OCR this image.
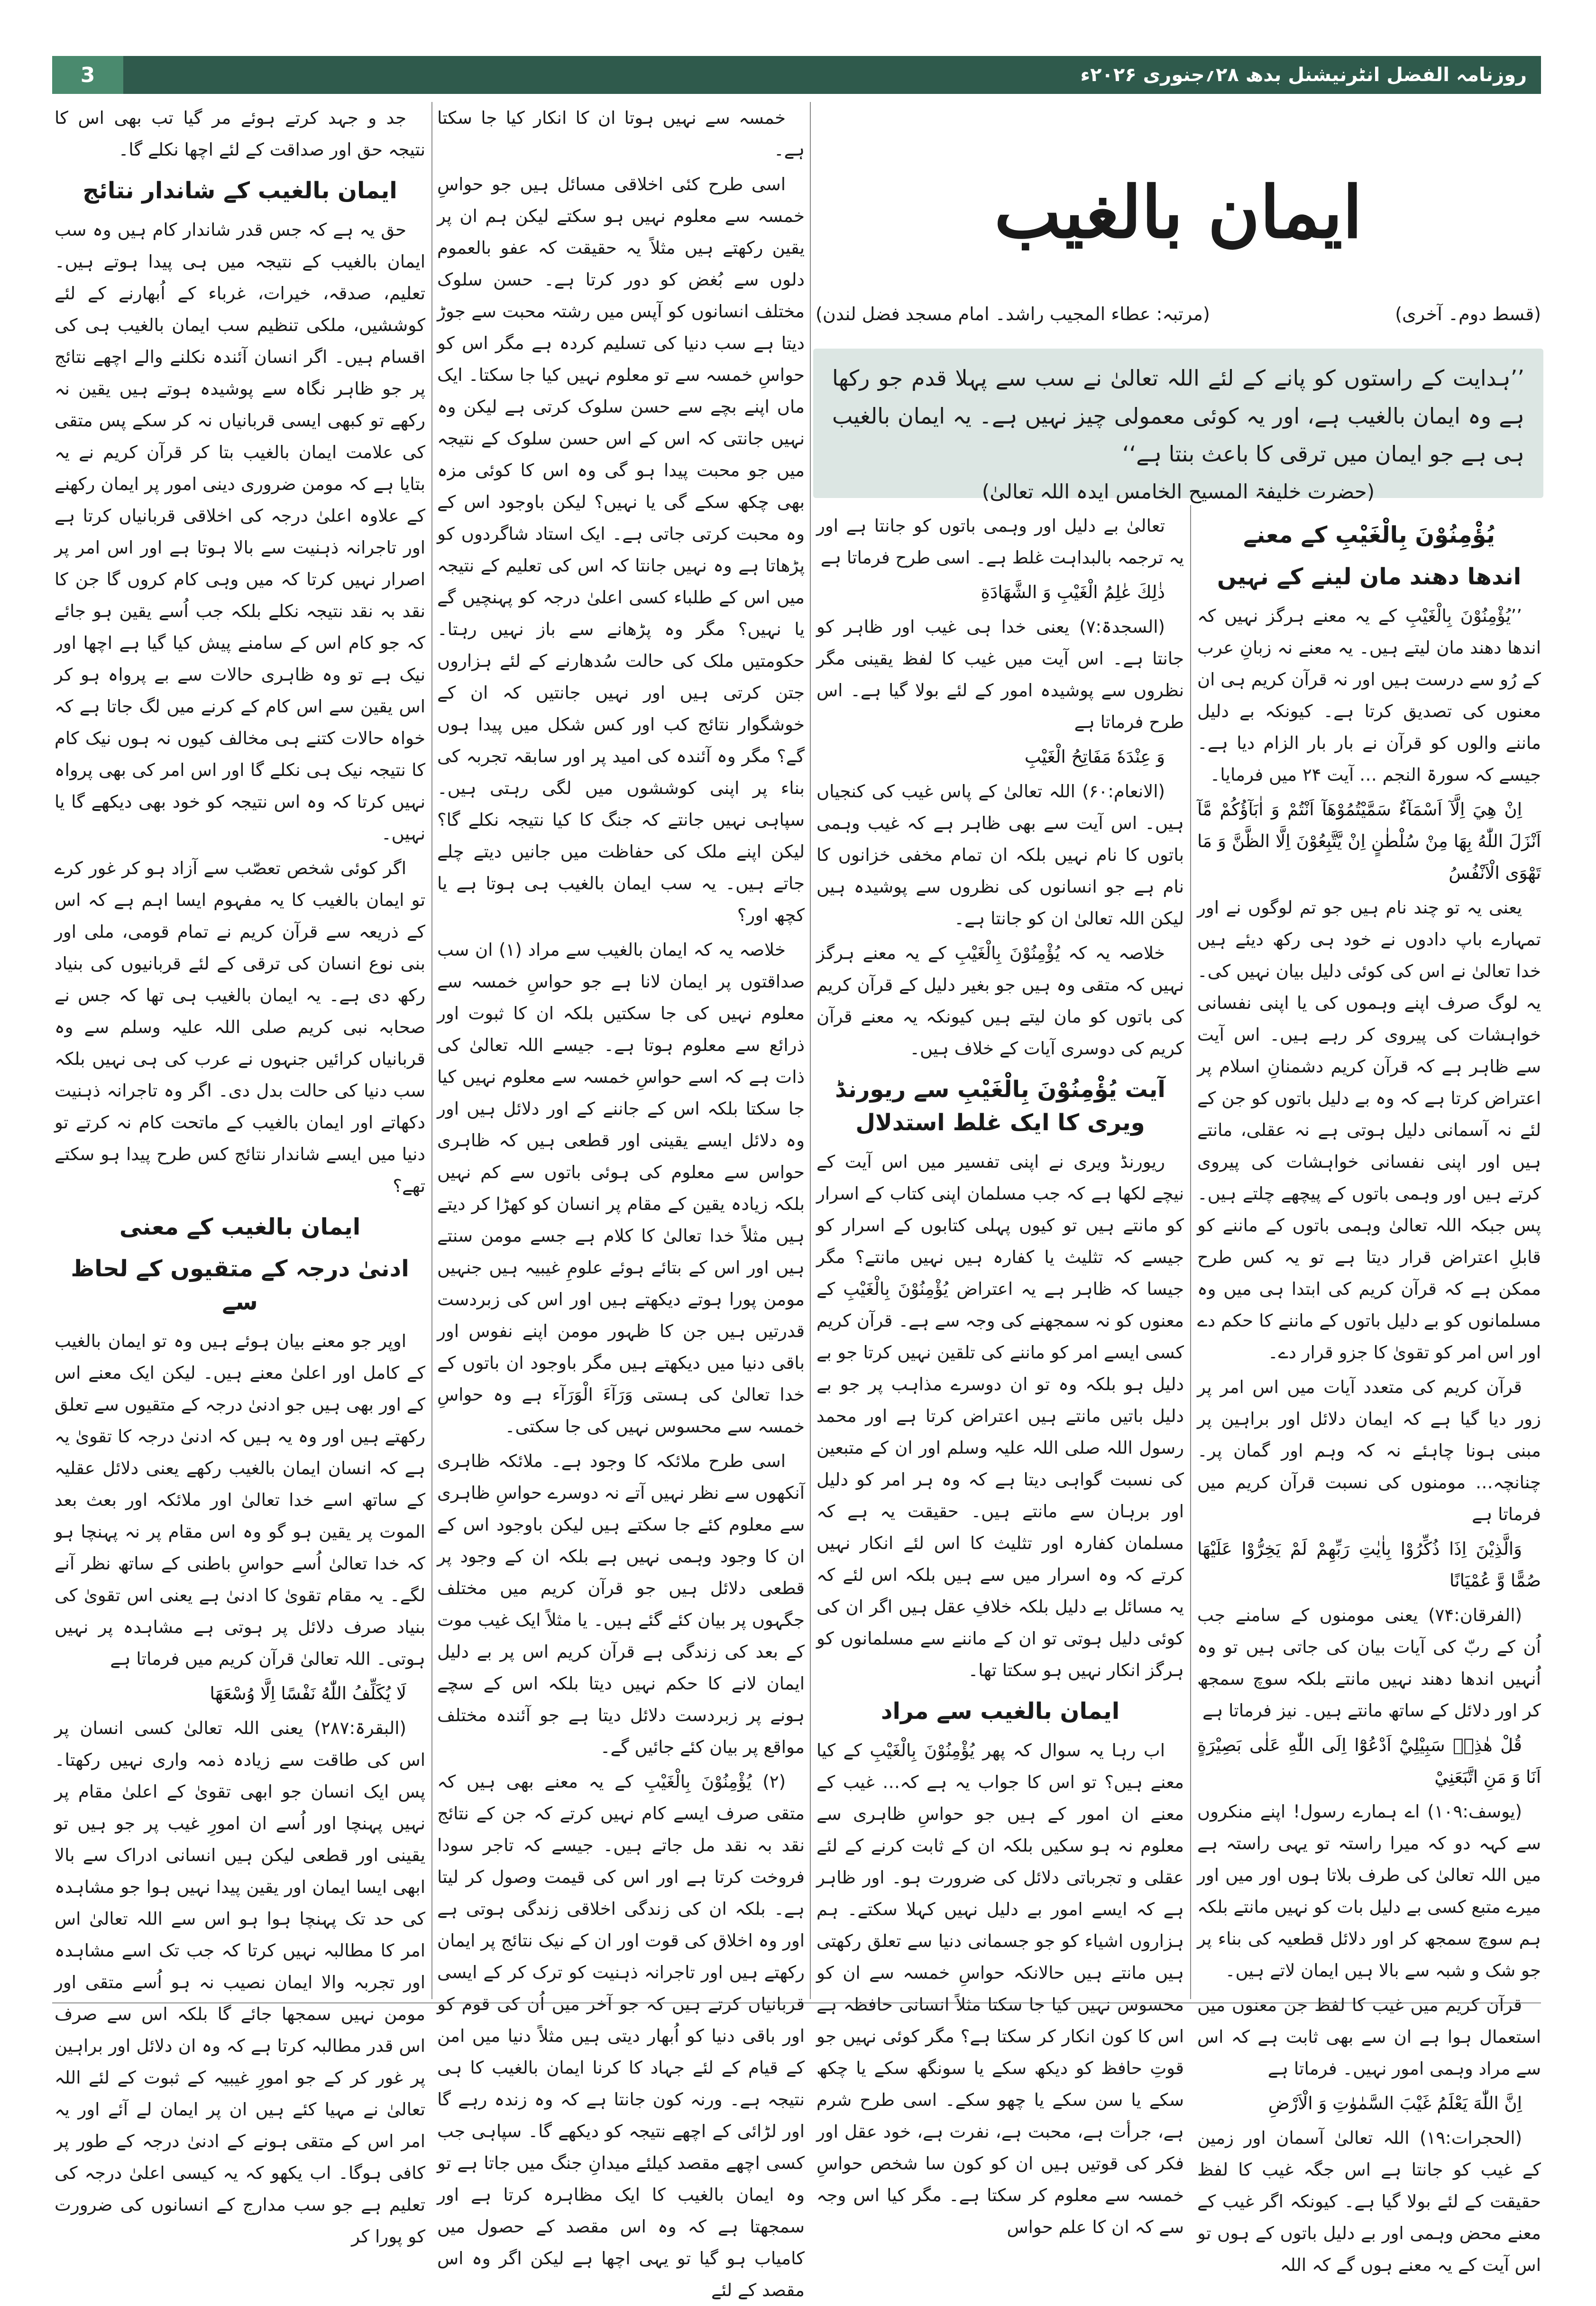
روزنامہ الفضل انٹرنیشنل بدھ ۲۸؍جنوری ۲۰۲۶ء
3
ایمان بالغیب
(قسط دوم۔ آخری)
(مرتبہ: عطاء المجیب راشد۔ امام مسجد فضل لندن)
’’ہدایت کے راستوں کو پانے کے لئے اللہ تعالیٰ نے سب سے پہلا قدم جو رکھا ہے وہ ایمان بالغیب ہے، اور یہ کوئی معمولی چیز نہیں ہے۔ یہ ایمان بالغیب ہی ہے جو ایمان میں ترقی کا باعث بنتا ہے‘‘
(حضرت خلیفۃ المسیح الخامس ایدہ اللہ تعالیٰ)
یُؤْمِنُوْنَ بِالْغَیْبِ کے معنے
اندھا دھند مان لینے کے نہیں

’’یُؤْمِنُوْنَ بِالْغَیْبِ کے یہ معنے ہرگز نہیں کہ اندھا دھند مان لیتے ہیں۔ یہ معنے نہ زبانِ عرب کے رُو سے درست ہیں اور نہ قرآن کریم ہی ان معنوں کی تصدیق کرتا ہے۔ کیونکہ بے دلیل ماننے والوں کو قرآن نے بار بار الزام دیا ہے۔ جیسے کہ سورۃ النجم … آیت ۲۴ میں فرمایا۔

اِنْ هِيَ اِلَّآ اَسْمَآءٌ سَمَّيْتُمُوْهَآ اَنْتُمْ وَ اٰبَآؤُكُمْ مَّآ اَنْزَلَ اللّٰهُ بِهَا مِنْ سُلْطٰنٍ اِنْ يَّتَّبِعُوْنَ اِلَّا الظَّنَّ وَ مَا تَهْوَى الْاَنْفُسُ

یعنی یہ تو چند نام ہیں جو تم لوگوں نے اور تمہارے باپ دادوں نے خود ہی رکھ دیئے ہیں خدا تعالیٰ نے اس کی کوئی دلیل بیان نہیں کی۔ یہ لوگ صرف اپنے وہموں کی یا اپنی نفسانی خواہشات کی پیروی کر رہے ہیں۔ اس آیت سے ظاہر ہے کہ قرآن کریم دشمنانِ اسلام پر اعتراض کرتا ہے کہ وہ بے دلیل باتوں کو جن کے لئے نہ آسمانی دلیل ہوتی ہے نہ عقلی، مانتے ہیں اور اپنی نفسانی خواہشات کی پیروی کرتے ہیں اور وہمی باتوں کے پیچھے چلتے ہیں۔ پس جبکہ اللہ تعالیٰ وہمی باتوں کے ماننے کو قابلِ اعتراض قرار دیتا ہے تو یہ کس طرح ممکن ہے کہ قرآن کریم کی ابتدا ہی میں وہ مسلمانوں کو بے دلیل باتوں کے ماننے کا حکم دے اور اس امر کو تقویٰ کا جزو قرار دے۔

قرآن کریم کی متعدد آیات میں اس امر پر زور دیا گیا ہے کہ ایمان دلائل اور براہین پر مبنی ہونا چاہئے نہ کہ وہم اور گمان پر۔ چنانچہ… مومنوں کی نسبت قرآن کریم میں فرماتا ہے

وَالَّذِيْنَ اِذَا ذُكِّرُوْا بِاٰيٰتِ رَبِّهِمْ لَمْ يَخِرُّوْا عَلَيْهَا صُمًّا وَّ عُمْيَانًا

(الفرقان:۷۴) یعنی مومنوں کے سامنے جب اُن کے ربّ کی آیات بیان کی جاتی ہیں تو وہ اُنہیں اندھا دھند نہیں مانتے بلکہ سوچ سمجھ کر اور دلائل کے ساتھ مانتے ہیں۔ نیز فرماتا ہے

قُلْ هٰذِهٖ سَبِيْلِيْٓ اَدْعُوْٓا اِلَى اللّٰهِ عَلٰى بَصِيْرَةٍ اَنَا وَ مَنِ اتَّبَعَنِيْ

(یوسف:۱۰۹) اے ہمارے رسول! اپنے منکروں سے کہہ دو کہ میرا راستہ تو یہی راستہ ہے میں اللہ تعالیٰ کی طرف بلاتا ہوں اور میں اور میرے متبع کسی بے دلیل بات کو نہیں مانتے بلکہ ہم سوچ سمجھ کر اور دلائل قطعیہ کی بناء پر جو شک و شبہ سے بالا ہیں ایمان لاتے ہیں۔

قرآن کریم میں غیب کا لفظ جن معنوں میں استعمال ہوا ہے ان سے بھی ثابت ہے کہ اس سے مراد وہمی امور نہیں۔ فرماتا ہے

اِنَّ اللّٰهَ يَعْلَمُ غَيْبَ السَّمٰوٰتِ وَ الْاَرْضِ

(الحجرات:۱۹) اللہ تعالیٰ آسمان اور زمین کے غیب کو جانتا ہے اس جگہ غیب کا لفظ حقیقت کے لئے بولا گیا ہے۔ کیونکہ اگر غیب کے معنے محض وہمی اور بے دلیل باتوں کے ہوں تو اس آیت کے یہ معنے ہوں گے کہ اللہ

تعالیٰ بے دلیل اور وہمی باتوں کو جانتا ہے اور یہ ترجمہ بالبداہت غلط ہے۔ اسی طرح فرماتا ہے

ذٰلِكَ عٰلِمُ الْغَيْبِ وَ الشَّهَادَةِ

(السجدۃ:۷) یعنی خدا ہی غیب اور ظاہر کو جانتا ہے۔ اس آیت میں غیب کا لفظ یقینی مگر نظروں سے پوشیدہ امور کے لئے بولا گیا ہے۔ اس طرح فرماتا ہے

وَ عِنْدَهٗ مَفَاتِحُ الْغَيْبِ

(الانعام:۶۰) اللہ تعالیٰ کے پاس غیب کی کنجیاں ہیں۔ اس آیت سے بھی ظاہر ہے کہ غیب وہمی باتوں کا نام نہیں بلکہ ان تمام مخفی خزانوں کا نام ہے جو انسانوں کی نظروں سے پوشیدہ ہیں لیکن اللہ تعالیٰ ان کو جانتا ہے۔

خلاصہ یہ کہ یُؤْمِنُوْنَ بِالْغَیْبِ کے یہ معنے ہرگز نہیں کہ متقی وہ ہیں جو بغیر دلیل کے قرآن کریم کی باتوں کو مان لیتے ہیں کیونکہ یہ معنے قرآن کریم کی دوسری آیات کے خلاف ہیں۔

آیت یُؤْمِنُوْنَ بِالْغَیْبِ سے ریورنڈ ویری کا ایک غلط استدلال

ریورنڈ ویری نے اپنی تفسیر میں اس آیت کے نیچے لکھا ہے کہ جب مسلمان اپنی کتاب کے اسرار کو مانتے ہیں تو کیوں پہلی کتابوں کے اسرار کو جیسے کہ تثلیث یا کفارہ ہیں نہیں مانتے؟ مگر جیسا کہ ظاہر ہے یہ اعتراض یُؤْمِنُوْنَ بِالْغَیْبِ کے معنوں کو نہ سمجھنے کی وجہ سے ہے۔ قرآن کریم کسی ایسے امر کو ماننے کی تلقین نہیں کرتا جو بے دلیل ہو بلکہ وہ تو ان دوسرے مذاہب پر جو بے دلیل باتیں مانتے ہیں اعتراض کرتا ہے اور محمد رسول اللہ صلی اللہ علیہ وسلم اور ان کے متبعین کی نسبت گواہی دیتا ہے کہ وہ ہر امر کو دلیل اور برہان سے مانتے ہیں۔ حقیقت یہ ہے کہ مسلمان کفارہ اور تثلیث کا اس لئے انکار نہیں کرتے کہ وہ اسرار میں سے ہیں بلکہ اس لئے کہ یہ مسائل بے دلیل بلکہ خلافِ عقل ہیں اگر ان کی کوئی دلیل ہوتی تو ان کے ماننے سے مسلمانوں کو ہرگز انکار نہیں ہو سکتا تھا۔

ایمان بالغیب سے مراد

اب رہا یہ سوال کہ پھر یُؤْمِنُوْنَ بِالْغَیْبِ کے کیا معنے ہیں؟ تو اس کا جواب یہ ہے کہ… غیب کے معنے ان امور کے ہیں جو حواسِ ظاہری سے معلوم نہ ہو سکیں بلکہ ان کے ثابت کرنے کے لئے عقلی و تجرباتی دلائل کی ضرورت ہو۔ اور ظاہر ہے کہ ایسے امور بے دلیل نہیں کہلا سکتے۔ ہم ہزاروں اشیاء کو جو جسمانی دنیا سے تعلق رکھتی ہیں مانتے ہیں حالانکہ حواسِ خمسہ سے ان کو محسوس نہیں کیا جا سکتا مثلاً انسانی حافظہ ہے اس کا کون انکار کر سکتا ہے؟ مگر کوئی نہیں جو قوتِ حافظ کو دیکھ سکے یا سونگھ سکے یا چکھ سکے یا سن سکے یا چھو سکے۔ اسی طرح شرم ہے، جرأت ہے، محبت ہے، نفرت ہے، خود عقل اور فکر کی قوتیں ہیں ان کو کون سا شخص حواسِ خمسہ سے معلوم کر سکتا ہے۔ مگر کیا اس وجہ سے کہ ان کا علم حواس

خمسہ سے نہیں ہوتا ان کا انکار کیا جا سکتا ہے۔

اسی طرح کئی اخلاقی مسائل ہیں جو حواسِ خمسہ سے معلوم نہیں ہو سکتے لیکن ہم ان پر یقین رکھتے ہیں مثلاً یہ حقیقت کہ عفو بالعموم دلوں سے بُغض کو دور کرتا ہے۔ حسن سلوک مختلف انسانوں کو آپس میں رشتہ محبت سے جوڑ دیتا ہے سب دنیا کی تسلیم کردہ ہے مگر اس کو حواسِ خمسہ سے تو معلوم نہیں کیا جا سکتا۔ ایک ماں اپنے بچے سے حسن سلوک کرتی ہے لیکن وہ نہیں جانتی کہ اس کے اس حسن سلوک کے نتیجہ میں جو محبت پیدا ہو گی وہ اس کا کوئی مزہ بھی چکھ سکے گی یا نہیں؟ لیکن باوجود اس کے وہ محبت کرتی جاتی ہے۔ ایک استاد شاگردوں کو پڑھاتا ہے وہ نہیں جانتا کہ اس کی تعلیم کے نتیجہ میں اس کے طلباء کسی اعلیٰ درجہ کو پہنچیں گے یا نہیں؟ مگر وہ پڑھانے سے باز نہیں رہتا۔ حکومتیں ملک کی حالت سُدھارنے کے لئے ہزاروں جتن کرتی ہیں اور نہیں جانتیں کہ ان کے خوشگوار نتائج کب اور کس شکل میں پیدا ہوں گے؟ مگر وہ آئندہ کی امید پر اور سابقہ تجربہ کی بناء پر اپنی کوششوں میں لگی رہتی ہیں۔ سپاہی نہیں جانتے کہ جنگ کا کیا نتیجہ نکلے گا؟ لیکن اپنے ملک کی حفاظت میں جانیں دیتے چلے جاتے ہیں۔ یہ سب ایمان بالغیب ہی ہوتا ہے یا کچھ اور؟

خلاصہ یہ کہ ایمان بالغیب سے مراد (۱) ان سب صداقتوں پر ایمان لانا ہے جو حواسِ خمسہ سے معلوم نہیں کی جا سکتیں بلکہ ان کا ثبوت اور ذرائع سے معلوم ہوتا ہے۔ جیسے اللہ تعالیٰ کی ذات ہے کہ اسے حواسِ خمسہ سے معلوم نہیں کیا جا سکتا بلکہ اس کے جاننے کے اور دلائل ہیں اور وہ دلائل ایسے یقینی اور قطعی ہیں کہ ظاہری حواس سے معلوم کی ہوئی باتوں سے کم نہیں بلکہ زیادہ یقین کے مقام پر انسان کو کھڑا کر دیتے ہیں مثلاً خدا تعالیٰ کا کلام ہے جسے مومن سنتے ہیں اور اس کے بتائے ہوئے علومِ غیبیہ ہیں جنہیں مومن پورا ہوتے دیکھتے ہیں اور اس کی زبردست قدرتیں ہیں جن کا ظہور مومن اپنے نفوس اور باقی دنیا میں دیکھتے ہیں مگر باوجود ان باتوں کے خدا تعالیٰ کی ہستی وَرَآءَ الْوَرَآء ہے وہ حواسِ خمسہ سے محسوس نہیں کی جا سکتی۔

اسی طرح ملائکہ کا وجود ہے۔ ملائکہ ظاہری آنکھوں سے نظر نہیں آتے نہ دوسرے حواسِ ظاہری سے معلوم کئے جا سکتے ہیں لیکن باوجود اس کے ان کا وجود وہمی نہیں ہے بلکہ ان کے وجود پر قطعی دلائل ہیں جو قرآن کریم میں مختلف جگہوں پر بیان کئے گئے ہیں۔ یا مثلاً ایک غیب موت کے بعد کی زندگی ہے قرآن کریم اس پر بے دلیل ایمان لانے کا حکم نہیں دیتا بلکہ اس کے سچے ہونے پر زبردست دلائل دیتا ہے جو آئندہ مختلف مواقع پر بیان کئے جائیں گے۔

(۲) یُؤْمِنُوْنَ بِالْغَیْبِ کے یہ معنے بھی ہیں کہ متقی صرف ایسے کام نہیں کرتے کہ جن کے نتائج نقد بہ نقد مل جاتے ہیں۔ جیسے کہ تاجر سودا فروخت کرتا ہے اور اس کی قیمت وصول کر لیتا ہے۔ بلکہ ان کی زندگی اخلاقی زندگی ہوتی ہے اور وہ اخلاق کی قوت اور ان کے نیک نتائج پر ایمان رکھتے ہیں اور تاجرانہ ذہنیت کو ترک کر کے ایسی قربانیاں کرتے ہیں کہ جو آخر میں اُن کی قوم کو اور باقی دنیا کو اُبھار دیتی ہیں مثلاً دنیا میں امن کے قیام کے لئے جہاد کا کرنا ایمان بالغیب کا ہی نتیجہ ہے۔ ورنہ کون جانتا ہے کہ وہ زندہ رہے گا اور لڑائی کے اچھے نتیجہ کو دیکھے گا۔ سپاہی جب کسی اچھے مقصد کیلئے میدانِ جنگ میں جاتا ہے تو وہ ایمان بالغیب کا ایک مظاہرہ کرتا ہے اور سمجھتا ہے کہ وہ اس مقصد کے حصول میں کامیاب ہو گیا تو یہی اچھا ہے لیکن اگر وہ اس مقصد کے لئے

جد و جہد کرتے ہوئے مر گیا تب بھی اس کا نتیجہ حق اور صداقت کے لئے اچھا نکلے گا۔

ایمان بالغیب کے شاندار نتائج

حق یہ ہے کہ جس قدر شاندار کام ہیں وہ سب ایمان بالغیب کے نتیجہ میں ہی پیدا ہوتے ہیں۔ تعلیم، صدقہ، خیرات، غرباء کے اُبھارنے کے لئے کوششیں، ملکی تنظیم سب ایمان بالغیب ہی کی اقسام ہیں۔ اگر انسان آئندہ نکلنے والے اچھے نتائج پر جو ظاہر نگاہ سے پوشیدہ ہوتے ہیں یقین نہ رکھے تو کبھی ایسی قربانیاں نہ کر سکے پس متقی کی علامت ایمان بالغیب بتا کر قرآن کریم نے یہ بتایا ہے کہ مومن ضروری دینی امور پر ایمان رکھنے کے علاوہ اعلیٰ درجہ کی اخلاقی قربانیاں کرتا ہے اور تاجرانہ ذہنیت سے بالا ہوتا ہے اور اس امر پر اصرار نہیں کرتا کہ میں وہی کام کروں گا جن کا نقد بہ نقد نتیجہ نکلے بلکہ جب اُسے یقین ہو جائے کہ جو کام اس کے سامنے پیش کیا گیا ہے اچھا اور نیک ہے تو وہ ظاہری حالات سے بے پرواہ ہو کر اس یقین سے اس کام کے کرنے میں لگ جاتا ہے کہ خواہ حالات کتنے ہی مخالف کیوں نہ ہوں نیک کام کا نتیجہ نیک ہی نکلے گا اور اس امر کی بھی پرواہ نہیں کرتا کہ وہ اس نتیجہ کو خود بھی دیکھے گا یا نہیں۔

اگر کوئی شخص تعصّب سے آزاد ہو کر غور کرے تو ایمان بالغیب کا یہ مفہوم ایسا اہم ہے کہ اس کے ذریعہ سے قرآن کریم نے تمام قومی، ملی اور بنی نوع انسان کی ترقی کے لئے قربانیوں کی بنیاد رکھ دی ہے۔ یہ ایمان بالغیب ہی تھا کہ جس نے صحابہ نبی کریم صلی اللہ علیہ وسلم سے وہ قربانیاں کرائیں جنہوں نے عرب کی ہی نہیں بلکہ سب دنیا کی حالت بدل دی۔ اگر وہ تاجرانہ ذہنیت دکھاتے اور ایمان بالغیب کے ماتحت کام نہ کرتے تو دنیا میں ایسے شاندار نتائج کس طرح پیدا ہو سکتے تھے؟

ایمان بالغیب کے معنی
ادنیٰ درجہ کے متقیوں کے لحاظ سے

اوپر جو معنے بیان ہوئے ہیں وہ تو ایمان بالغیب کے کامل اور اعلیٰ معنے ہیں۔ لیکن ایک معنے اس کے اور بھی ہیں جو ادنیٰ درجہ کے متقیوں سے تعلق رکھتے ہیں اور وہ یہ ہیں کہ ادنیٰ درجہ کا تقویٰ یہ ہے کہ انسان ایمان بالغیب رکھے یعنی دلائل عقلیہ کے ساتھ اسے خدا تعالیٰ اور ملائکہ اور بعث بعد الموت پر یقین ہو گو وہ اس مقام پر نہ پہنچا ہو کہ خدا تعالیٰ اُسے حواسِ باطنی کے ساتھ نظر آنے لگے۔ یہ مقام تقویٰ کا ادنیٰ ہے یعنی اس تقویٰ کی بنیاد صرف دلائل پر ہوتی ہے مشاہدہ پر نہیں ہوتی۔ اللہ تعالیٰ قرآن کریم میں فرماتا ہے

لَا يُكَلِّفُ اللّٰهُ نَفْسًا اِلَّا وُسْعَهَا

(البقرۃ:۲۸۷) یعنی اللہ تعالیٰ کسی انسان پر اس کی طاقت سے زیادہ ذمہ واری نہیں رکھتا۔ پس ایک انسان جو ابھی تقویٰ کے اعلیٰ مقام پر نہیں پہنچا اور اُسے ان امورِ غیب پر جو ہیں تو یقینی اور قطعی لیکن ہیں انسانی ادراک سے بالا ابھی ایسا ایمان اور یقین پیدا نہیں ہوا جو مشاہدہ کی حد تک پہنچا ہوا ہو اس سے اللہ تعالیٰ اس امر کا مطالبہ نہیں کرتا کہ جب تک اسے مشاہدہ اور تجربہ والا ایمان نصیب نہ ہو اُسے متقی اور مومن نہیں سمجھا جائے گا بلکہ اس سے صرف اس قدر مطالبہ کرتا ہے کہ وہ ان دلائل اور براہین پر غور کر کے جو امورِ غیبیہ کے ثبوت کے لئے اللہ تعالیٰ نے مہیا کئے ہیں ان پر ایمان لے آئے اور یہ امر اس کے متقی ہونے کے ادنیٰ درجہ کے طور پر کافی ہوگا۔ اب یکھو کہ یہ کیسی اعلیٰ درجہ کی تعلیم ہے جو سب مدارج کے انسانوں کی ضرورت کو پورا کر
